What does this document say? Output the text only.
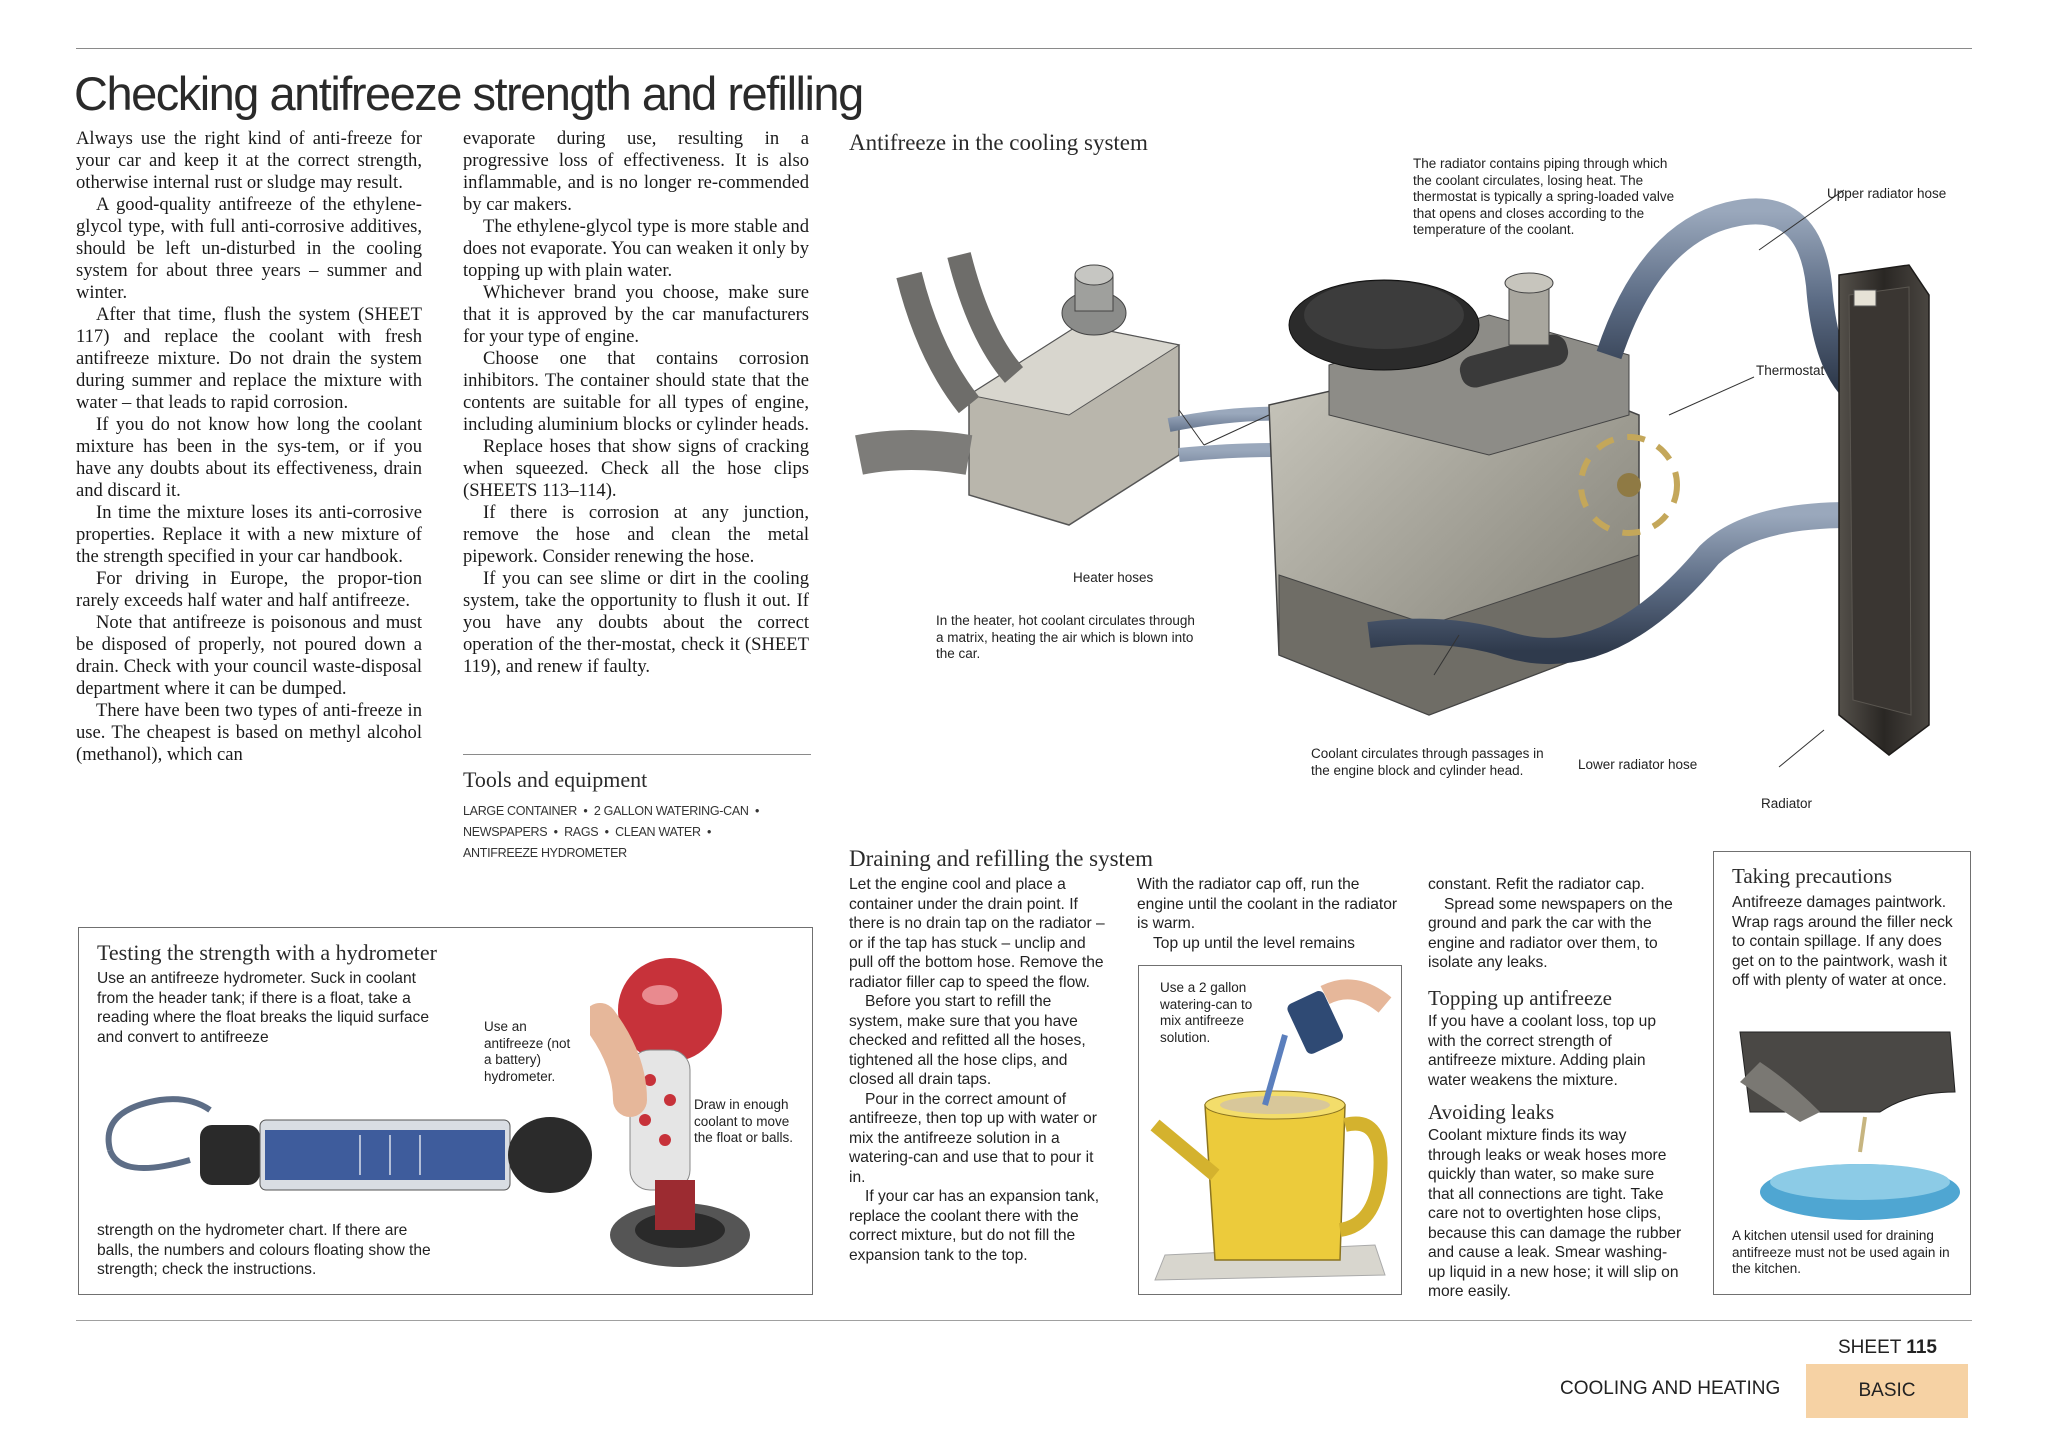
Checking antifreeze strength and refilling

Always use the right kind of anti-freeze for your car and keep it at the correct strength, otherwise internal rust or sludge may result.

A good-quality antifreeze of the ethylene-glycol type, with full anti-corrosive additives, should be left un-disturbed in the cooling system for about three years – summer and winter.

After that time, flush the system (SHEET 117) and replace the coolant with fresh antifreeze mixture. Do not drain the system during summer and replace the mixture with water – that leads to rapid corrosion.

If you do not know how long the coolant mixture has been in the sys-tem, or if you have any doubts about its effectiveness, drain and discard it.

In time the mixture loses its anti-corrosive properties. Replace it with a new mixture of the strength specified in your car handbook.

For driving in Europe, the propor-tion rarely exceeds half water and half antifreeze.

Note that antifreeze is poisonous and must be disposed of properly, not poured down a drain. Check with your council waste-disposal department where it can be dumped.

There have been two types of anti-freeze in use. The cheapest is based on methyl alcohol (methanol), which can

evaporate during use, resulting in a progressive loss of effectiveness. It is also inflammable, and is no longer re-commended by car makers.

The ethylene-glycol type is more stable and does not evaporate. You can weaken it only by topping up with plain water.

Whichever brand you choose, make sure that it is approved by the car manufacturers for your type of engine.

Choose one that contains corrosion inhibitors. The container should state that the contents are suitable for all types of engine, including aluminium blocks or cylinder heads.

Replace hoses that show signs of cracking when squeezed. Check all the hose clips (SHEETS 113–114).

If there is corrosion at any junction, remove the hose and clean the metal pipework. Consider renewing the hose.

If you can see slime or dirt in the cooling system, take the opportunity to flush it out. If you have any doubts about the correct operation of the ther-mostat, check it (SHEET 119), and renew if faulty.

Tools and equipment
LARGE CONTAINER  •  2 GALLON WATERING-CAN  •
NEWSPAPERS  •  RAGS  •  CLEAN WATER  •
ANTIFREEZE HYDROMETER
Antifreeze in the cooling system
The radiator contains piping through which the coolant circulates, losing heat. The thermostat is typically a spring-loaded valve that opens and closes according to the temperature of the coolant.
Upper radiator hose
Thermostat
Heater hoses
In the heater, hot coolant circulates through a matrix, heating the air which is blown into the car.
Coolant circulates through passages in the engine block and cylinder head.	Lower radiator hose
Radiator
Testing the strength with a hydrometer
Use an antifreeze hydrometer. Suck in coolant from the header tank; if there is a float, take a reading where the float breaks the liquid surface and convert to antifreeze
Use an antifreeze (not a battery) hydrometer.
Draw in enough coolant to move the float or balls.
strength on the hydrometer chart. If there are balls, the numbers and colours floating show the strength; check the instructions.
Draining and refilling the system

Let the engine cool and place a container under the drain point. If there is no drain tap on the radiator – or if the tap has stuck – unclip and pull off the bottom hose. Remove the radiator filler cap to speed the flow.

Before you start to refill the system, make sure that you have checked and refitted all the hoses, tightened all the hose clips, and closed all drain taps.

Pour in the correct amount of antifreeze, then top up with water or mix the antifreeze solution in a watering-can and use that to pour it in.

If your car has an expansion tank, replace the coolant there with the correct mixture, but do not fill the expansion tank to the top.

With the radiator cap off, run the engine until the coolant in the radiator is warm.

Top up until the level remains

Use a 2 gallon watering-can to mix antifreeze solution.

constant. Refit the radiator cap.

Spread some newspapers on the ground and park the car with the engine and radiator over them, to isolate any leaks.

Topping up antifreeze
If you have a coolant loss, top up with the correct strength of antifreeze mixture. Adding plain water weakens the mixture.
Avoiding leaks
Coolant mixture finds its way through leaks or weak hoses more quickly than water, so make sure that all connections are tight. Take care not to overtighten hose clips, because this can damage the rubber and cause a leak. Smear washing-up liquid in a new hose; it will slip on more easily.
Taking precautions
Antifreeze damages paintwork. Wrap rags around the filler neck to contain spillage. If any does get on to the paintwork, wash it off with plenty of water at once.
A kitchen utensil used for draining antifreeze must not be used again in the kitchen.
SHEET 115
COOLING AND HEATING	BASIC
